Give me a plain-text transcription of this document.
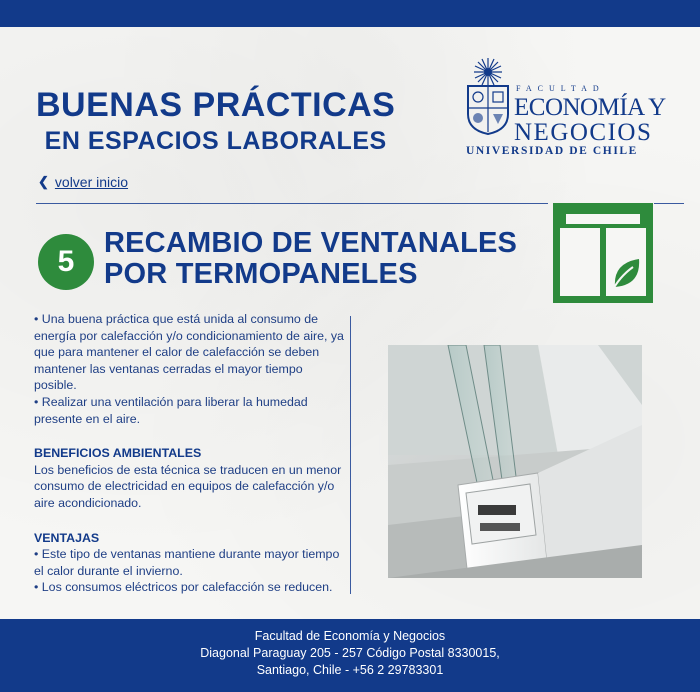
BUENAS PRÁCTICAS
EN ESPACIOS LABORALES
FACULTAD
ECONOMÍA Y
NEGOCIOS
UNIVERSIDAD DE CHILE
❮ volver inicio
5
RECAMBIO DE VENTANALES
POR TERMOPANELES

• Una buena práctica que está unida al consumo de energía por calefacción y/o condicionamiento de aire, ya que para mantener el calor de calefacción se deben mantener las ventanas cerradas el mayor tiempo posible.

• Realizar una ventilación para liberar la humedad presente en el aire.

BENEFICIOS AMBIENTALES

Los beneficios de esta técnica se traducen en un menor consumo de electricidad en equipos de calefacción y/o aire acondicionado.

VENTAJAS

• Este tipo de ventanas mantiene durante mayor tiempo el calor durante el invierno.

• Los consumos eléctricos por calefacción se reducen.

Facultad de Economía y Negocios
Diagonal Paraguay 205 - 257 Código Postal 8330015,
Santiago, Chile - +56 2 29783301
